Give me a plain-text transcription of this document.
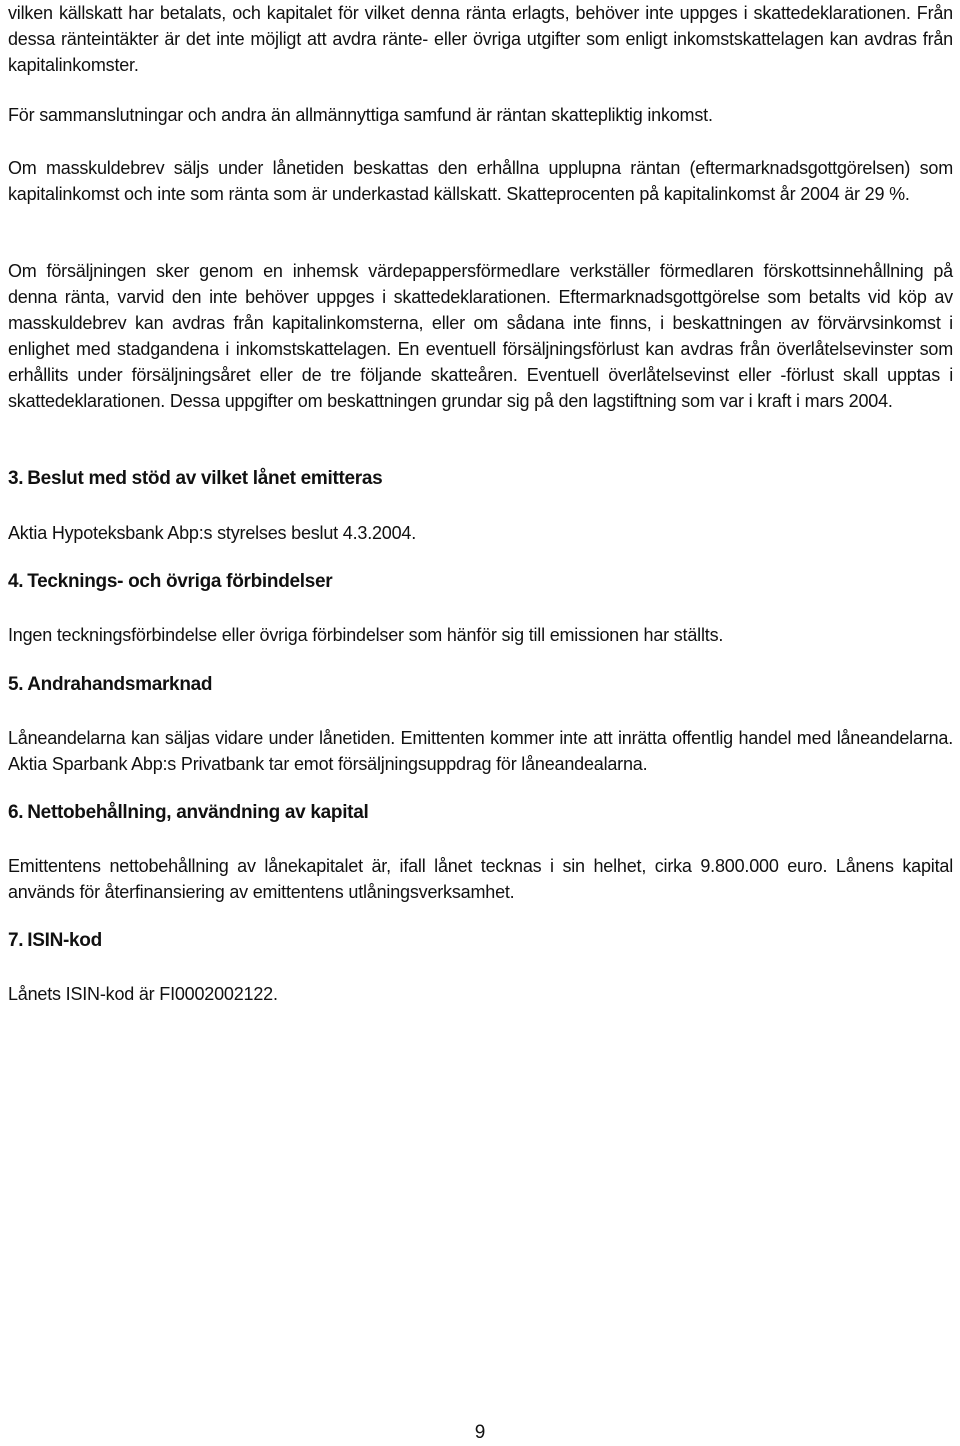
vilken källskatt har betalats, och kapitalet för vilket denna ränta erlagts, behöver inte uppges i skattedeklarationen. Från dessa ränteintäkter är det inte möjligt att avdra ränte- eller övriga utgifter som enligt inkomstskattelagen kan avdras från kapitalinkomster.

För sammanslutningar och andra än allmännyttiga samfund är räntan skattepliktig inkomst.

Om masskuldebrev säljs under lånetiden beskattas den erhållna upplupna räntan (eftermarknadsgottgörelsen) som kapitalinkomst och inte som ränta som är underkastad källskatt. Skatteprocenten på kapitalinkomst år 2004 är 29 %.

Om försäljningen sker genom en inhemsk värdepappersförmedlare verkställer förmedlaren förskottsinnehållning på denna ränta, varvid den inte behöver uppges i skattedeklarationen. Eftermarknadsgottgörelse som betalts vid köp av masskuldebrev kan avdras från kapitalinkomsterna, eller om sådana inte finns, i beskattningen av förvärvsinkomst i enlighet med stadgandena i inkomstskattelagen. En eventuell försäljningsförlust kan avdras från överlåtelsevinster som erhållits under försäljningsåret eller de tre följande skatteåren. Eventuell överlåtelsevinst eller -förlust skall upptas i skattedeklarationen. Dessa uppgifter om beskattningen grundar sig på den lagstiftning som var i kraft i mars 2004.

3. Beslut med stöd av vilket lånet emitteras

Aktia Hypoteksbank Abp:s styrelses beslut 4.3.2004.

4. Tecknings- och övriga förbindelser

Ingen teckningsförbindelse eller övriga förbindelser som hänför sig till emissionen har ställts.

5. Andrahandsmarknad

Låneandelarna kan säljas vidare under lånetiden. Emittenten kommer inte att inrätta offentlig handel med låneandelarna. Aktia Sparbank Abp:s Privatbank tar emot försäljningsuppdrag för låneandealarna.

6. Nettobehållning, användning av kapital

Emittentens nettobehållning av lånekapitalet är, ifall lånet tecknas i sin helhet, cirka 9.800.000 euro. Lånens kapital används för återfinansiering av emittentens utlåningsverksamhet.

7. ISIN-kod

Lånets ISIN-kod är FI0002002122.

9
